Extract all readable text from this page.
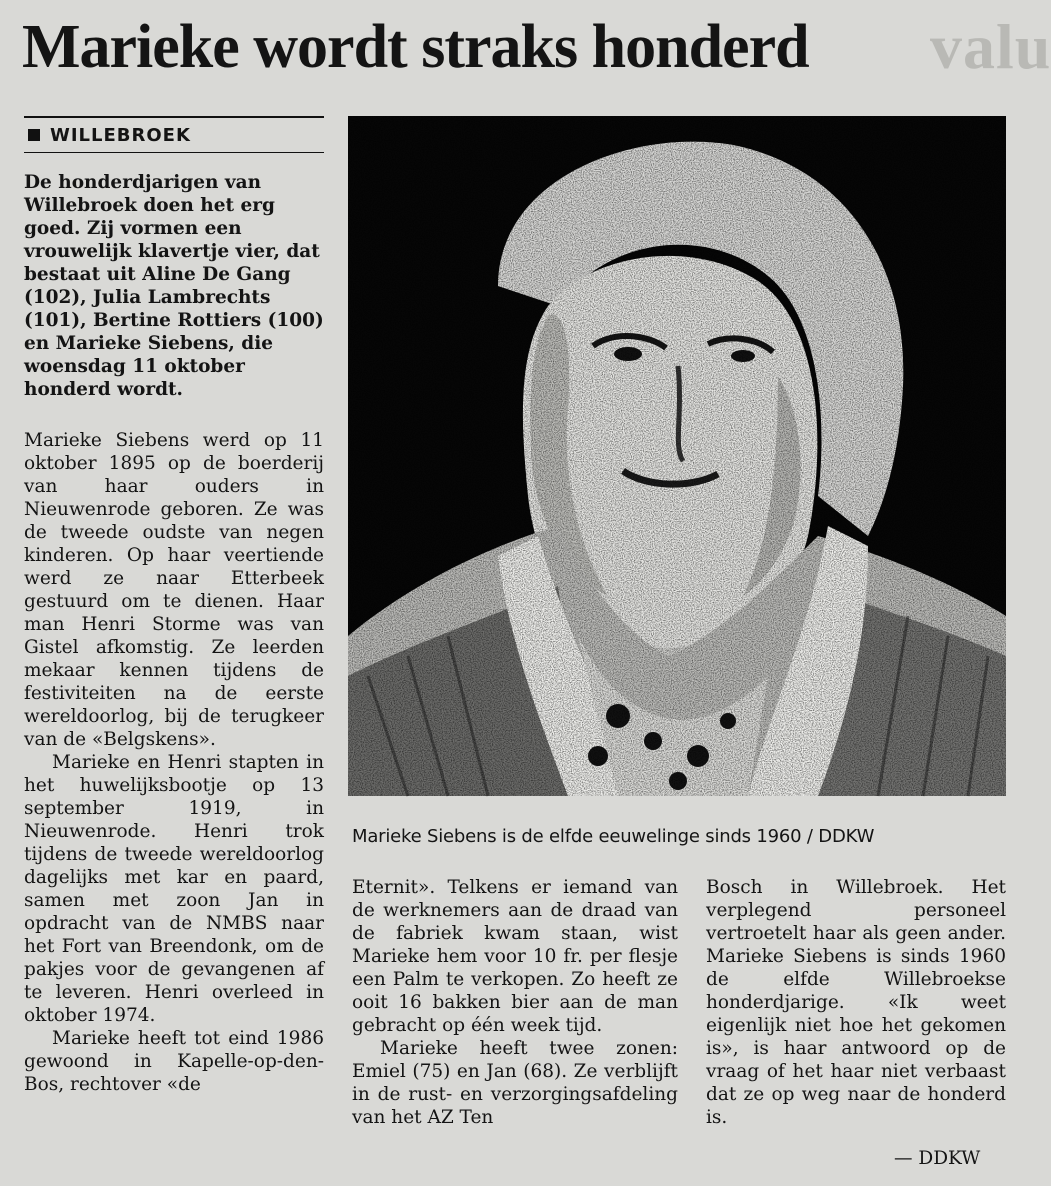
valu
Marieke wordt straks honderd
WILLEBROEK

De honderdjarigen van Willebroek doen het erg goed. Zij vormen een vrouwelijk klavertje vier, dat bestaat uit Aline De Gang (102), Julia Lambrechts (101), Bertine Rottiers (100) en Marieke Siebens, die woensdag 11 oktober honderd wordt.

Marieke Siebens werd op 11 oktober 1895 op de boerderij van haar ouders in Nieuwenrode geboren. Ze was de tweede oudste van negen kinderen. Op haar veertiende werd ze naar Etterbeek gestuurd om te dienen. Haar man Henri Storme was van Gistel afkomstig. Ze leerden mekaar kennen tijdens de festiviteiten na de eerste wereldoorlog, bij de terugkeer van de «Belgskens».

Marieke en Henri stapten in het huwelijksbootje op 13 september 1919, in Nieuwenrode. Henri trok tijdens de tweede wereldoorlog dagelijks met kar en paard, samen met zoon Jan in opdracht van de NMBS naar het Fort van Breendonk, om de pakjes voor de gevangenen af te leveren. Henri overleed in oktober 1974.

Marieke heeft tot eind 1986 gewoond in Kapelle-op-den-Bos, rechtover «de

Marieke Siebens is de elfde eeuwelinge sinds 1960 / DDKW

Eternit». Telkens er iemand van de werknemers aan de draad van de fabriek kwam staan, wist Marieke hem voor 10 fr. per flesje een Palm te verkopen. Zo heeft ze ooit 16 bakken bier aan de man gebracht op één week tijd.

Marieke heeft twee zonen: Emiel (75) en Jan (68). Ze verblijft in de rust- en verzorgingsafdeling van het AZ Ten

Bosch in Willebroek. Het verplegend personeel vertroetelt haar als geen ander. Marieke Siebens is sinds 1960 de elfde Willebroekse honderdjarige. «Ik weet eigenlijk niet hoe het gekomen is», is haar antwoord op de vraag of het haar niet verbaast dat ze op weg naar de honderd is.

— DDKW
